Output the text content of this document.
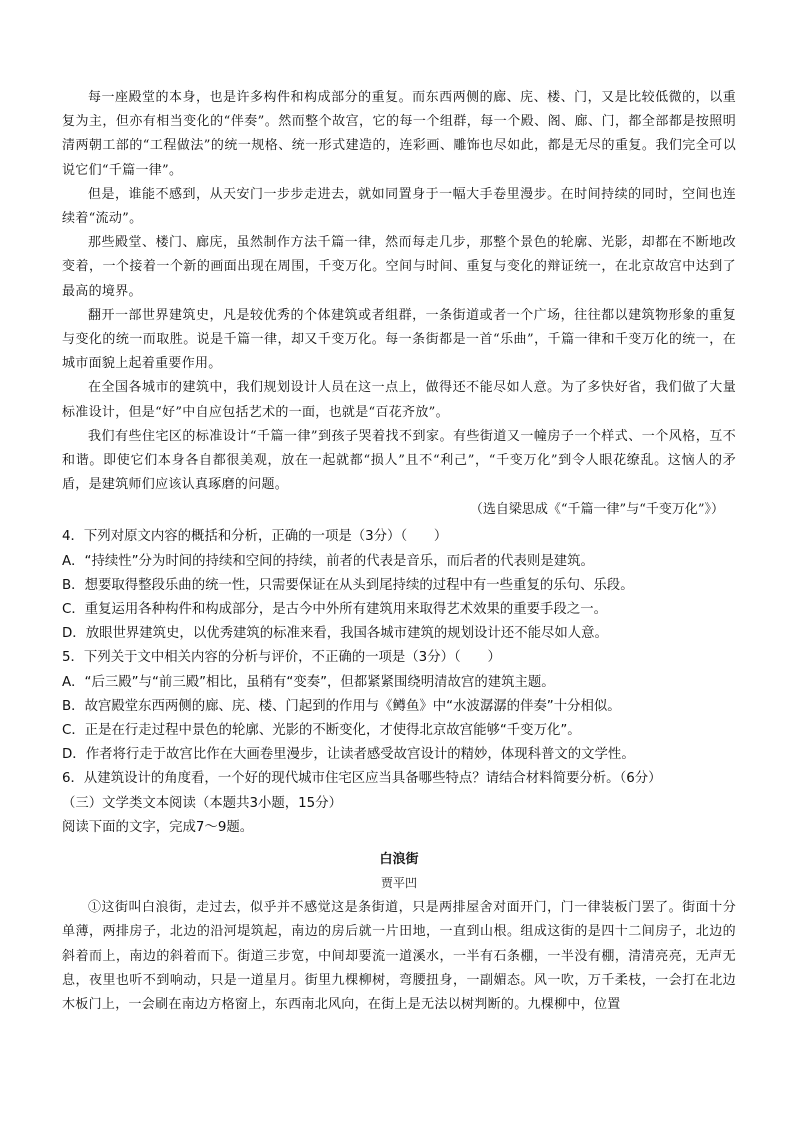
每一座殿堂的本身，也是许多构件和构成部分的重复。而东西两侧的廊、庑、楼、门，又是比较低微的，以重复为主，但亦有相当变化的“伴奏”。然而整个故宫，它的每一个组群，每一个殿、阁、廊、门，都全部都是按照明清两朝工部的“工程做法”的统一规格、统一形式建造的，连彩画、雕饰也尽如此，都是无尽的重复。我们完全可以说它们“千篇一律”。

但是，谁能不感到，从天安门一步步走进去，就如同置身于一幅大手卷里漫步。在时间持续的同时，空间也连续着“流动”。

那些殿堂、楼门、廊庑，虽然制作方法千篇一律，然而每走几步，那整个景色的轮廓、光影，却都在不断地改变着，一个接着一个新的画面出现在周围，千变万化。空间与时间、重复与变化的辩证统一，在北京故宫中达到了最高的境界。

翻开一部世界建筑史，凡是较优秀的个体建筑或者组群，一条街道或者一个广场，往往都以建筑物形象的重复与变化的统一而取胜。说是千篇一律，却又千变万化。每一条街都是一首“乐曲”，千篇一律和千变万化的统一，在城市面貌上起着重要作用。

在全国各城市的建筑中，我们规划设计人员在这一点上，做得还不能尽如人意。为了多快好省，我们做了大量标准设计，但是“好”中自应包括艺术的一面，也就是“百花齐放”。

我们有些住宅区的标准设计“千篇一律”到孩子哭着找不到家。有些街道又一幢房子一个样式、一个风格，互不和谐。即使它们本身各自都很美观，放在一起就都“损人”且不“利己”，“千变万化”到令人眼花缭乱。这恼人的矛盾，是建筑师们应该认真琢磨的问题。

（选自梁思成《“千篇一律”与“千变万化”》）

4．下列对原文内容的概括和分析，正确的一项是（3分）（　　）

A．“持续性”分为时间的持续和空间的持续，前者的代表是音乐，而后者的代表则是建筑。

B．想要取得整段乐曲的统一性，只需要保证在从头到尾持续的过程中有一些重复的乐句、乐段。

C．重复运用各种构件和构成部分，是古今中外所有建筑用来取得艺术效果的重要手段之一。

D．放眼世界建筑史，以优秀建筑的标准来看，我国各城市建筑的规划设计还不能尽如人意。

5．下列关于文中相关内容的分析与评价，不正确的一项是（3分）（　　）

A．“后三殿”与“前三殿”相比，虽稍有“变奏”，但都紧紧围绕明清故宫的建筑主题。

B．故宫殿堂东西两侧的廊、庑、楼、门起到的作用与《鳟鱼》中“水波潺潺的伴奏”十分相似。

C．正是在行走过程中景色的轮廓、光影的不断变化，才使得北京故宫能够“千变万化”。

D．作者将行走于故宫比作在大画卷里漫步，让读者感受故宫设计的精妙，体现科普文的文学性。

6．从建筑设计的角度看，一个好的现代城市住宅区应当具备哪些特点？请结合材料简要分析。（6分）

（三）文学类文本阅读（本题共3小题，15分）

阅读下面的文字，完成7～9题。

白浪街

贾平凹

①这街叫白浪街，走过去，似乎并不感觉这是条街道，只是两排屋舍对面开门，门一律装板门罢了。街面十分单薄，两排房子，北边的沿河堤筑起，南边的房后就一片田地，一直到山根。组成这街的是四十二间房子，北边的斜着而上，南边的斜着而下。街道三步宽，中间却要流一道溪水，一半有石条棚，一半没有棚，清清亮亮，无声无息，夜里也听不到响动，只是一道星月。街里九棵柳树，弯腰扭身，一副媚态。风一吹，万千柔枝，一会打在北边木板门上，一会刷在南边方格窗上，东西南北风向，在街上是无法以树判断的。九棵柳中，位置
